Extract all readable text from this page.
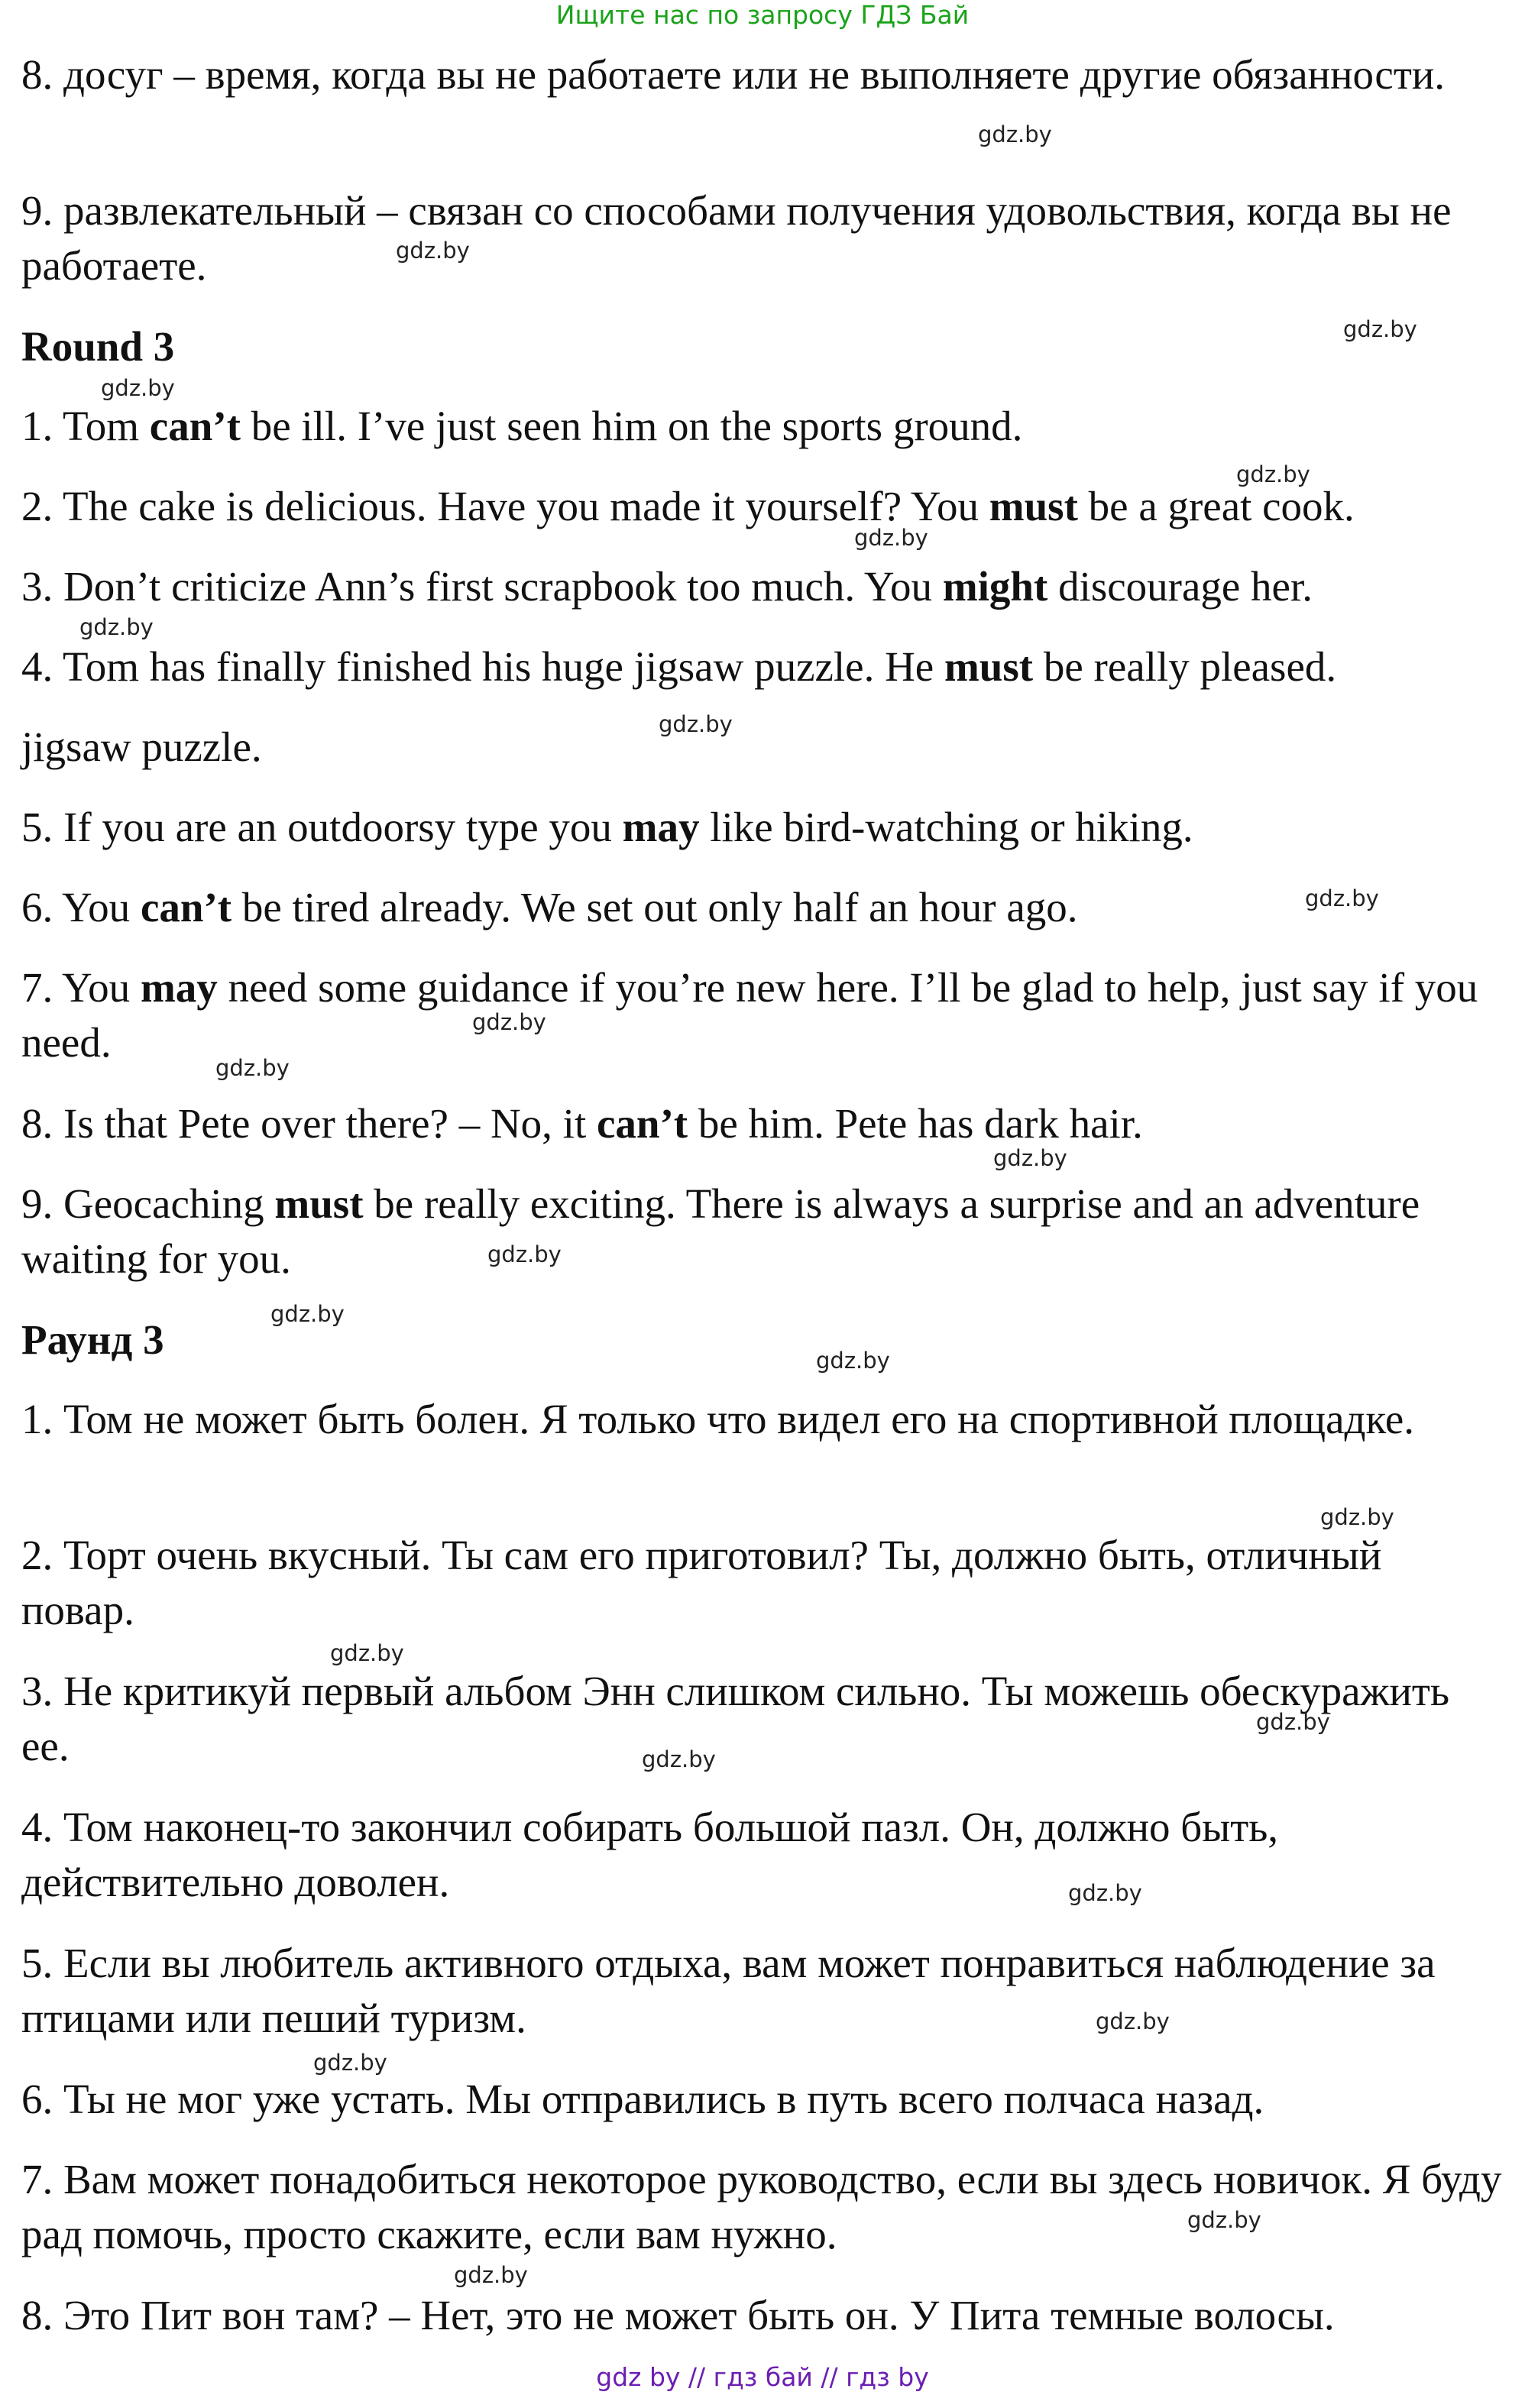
Ищите нас по запросу ГДЗ Бай
8. досуг – время, когда вы не работаете или не выполняете другие обязанности.
9. развлекательный – связан со способами получения удовольствия, когда вы не работаете.
Round 3
1. Tom can’t be ill. I’ve just seen him on the sports ground.
2. The cake is delicious. Have you made it yourself? You must be a great cook.
3. Don’t criticize Ann’s first scrapbook too much. You might discourage her.
4. Tom has finally finished his huge jigsaw puzzle. He must be really pleased.
jigsaw puzzle.
5. If you are an outdoorsy type you may like bird-watching or hiking.
6. You can’t be tired already. We set out only half an hour ago.
7. You may need some guidance if you’re new here. I’ll be glad to help, just say if you need.
8. Is that Pete over there? – No, it can’t be him. Pete has dark hair.
9. Geocaching must be really exciting. There is always a surprise and an adventure waiting for you.
Раунд 3
1. Том не может быть болен. Я только что видел его на спортивной площадке.
2. Торт очень вкусный. Ты сам его приготовил? Ты, должно быть, отличный повар.
3. Не критикуй первый альбом Энн слишком сильно. Ты можешь обескуражить ее.
4. Том наконец-то закончил собирать большой пазл. Он, должно быть, действительно доволен.
5. Если вы любитель активного отдыха, вам может понравиться наблюдение за птицами или пеший туризм.
6. Ты не мог уже устать. Мы отправились в путь всего полчаса назад.
7. Вам может понадобиться некоторое руководство, если вы здесь новичок. Я буду рад помочь, просто скажите, если вам нужно.
8. Это Пит вон там? – Нет, это не может быть он. У Пита темные волосы.
gdz.by
gdz.by
gdz.by
gdz.by
gdz.by
gdz.by
gdz.by
gdz.by
gdz.by
gdz.by
gdz.by
gdz.by
gdz.by
gdz.by
gdz.by
gdz.by
gdz.by
gdz.by
gdz.by
gdz.by
gdz.by
gdz.by
gdz.by
gdz.by
gdz by // гдз бай // гдз by
